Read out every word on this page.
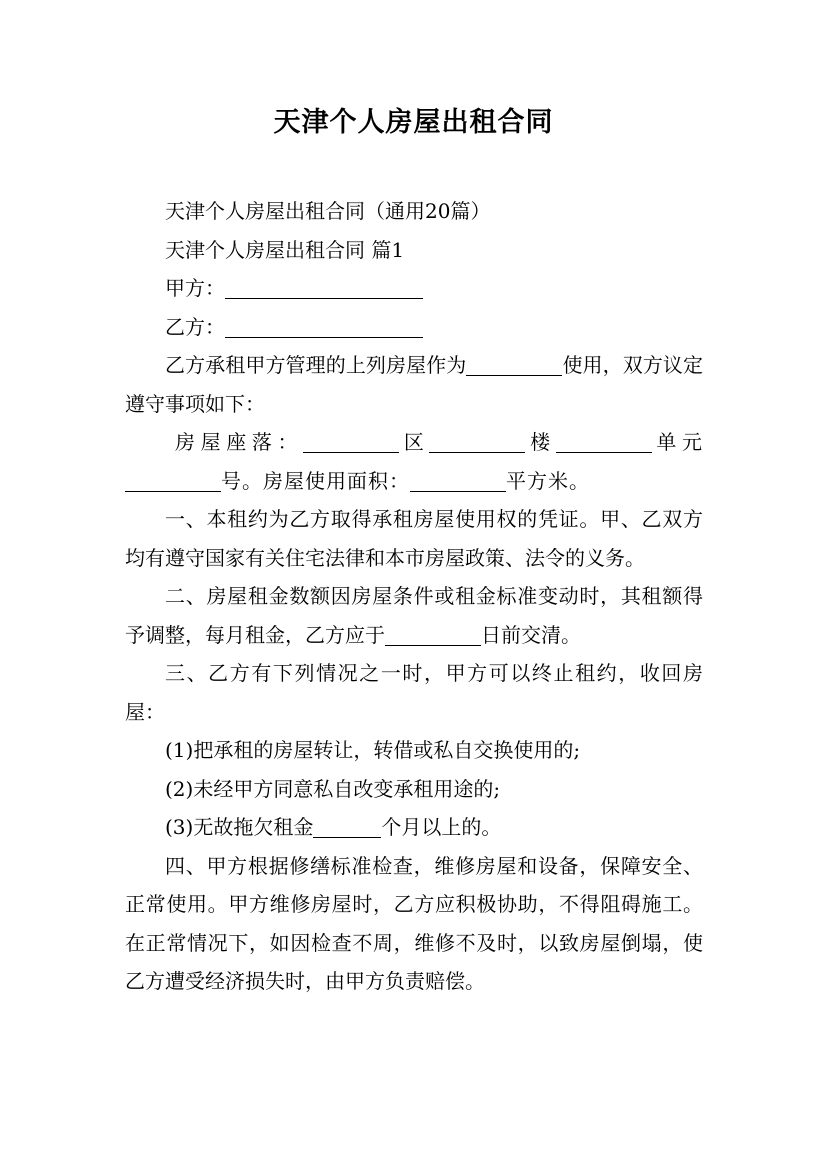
天津个人房屋出租合同

天津个人房屋出租合同（通用20篇）

天津个人房屋出租合同 篇1

甲方：

乙方：

乙方承租甲方管理的上列房屋作为	使用，双方议定遵守事项如下：

房屋座落：	区	楼	单元号。房屋使用面积：	平方米。

一、本租约为乙方取得承租房屋使用权的凭证。甲、乙双方均有遵守国家有关住宅法律和本市房屋政策、法令的义务。

二、房屋租金数额因房屋条件或租金标准变动时，其租额得予调整，每月租金，乙方应于	日前交清。

三、乙方有下列情况之一时，甲方可以终止租约，收回房屋：

(1)把承租的房屋转让，转借或私自交换使用的;

(2)未经甲方同意私自改变承租用途的;

(3)无故拖欠租金	个月以上的。

四、甲方根据修缮标准检查，维修房屋和设备，保障安全、正常使用。甲方维修房屋时，乙方应积极协助，不得阻碍施工。在正常情况下，如因检查不周，维修不及时，以致房屋倒塌，使乙方遭受经济损失时，由甲方负责赔偿。
